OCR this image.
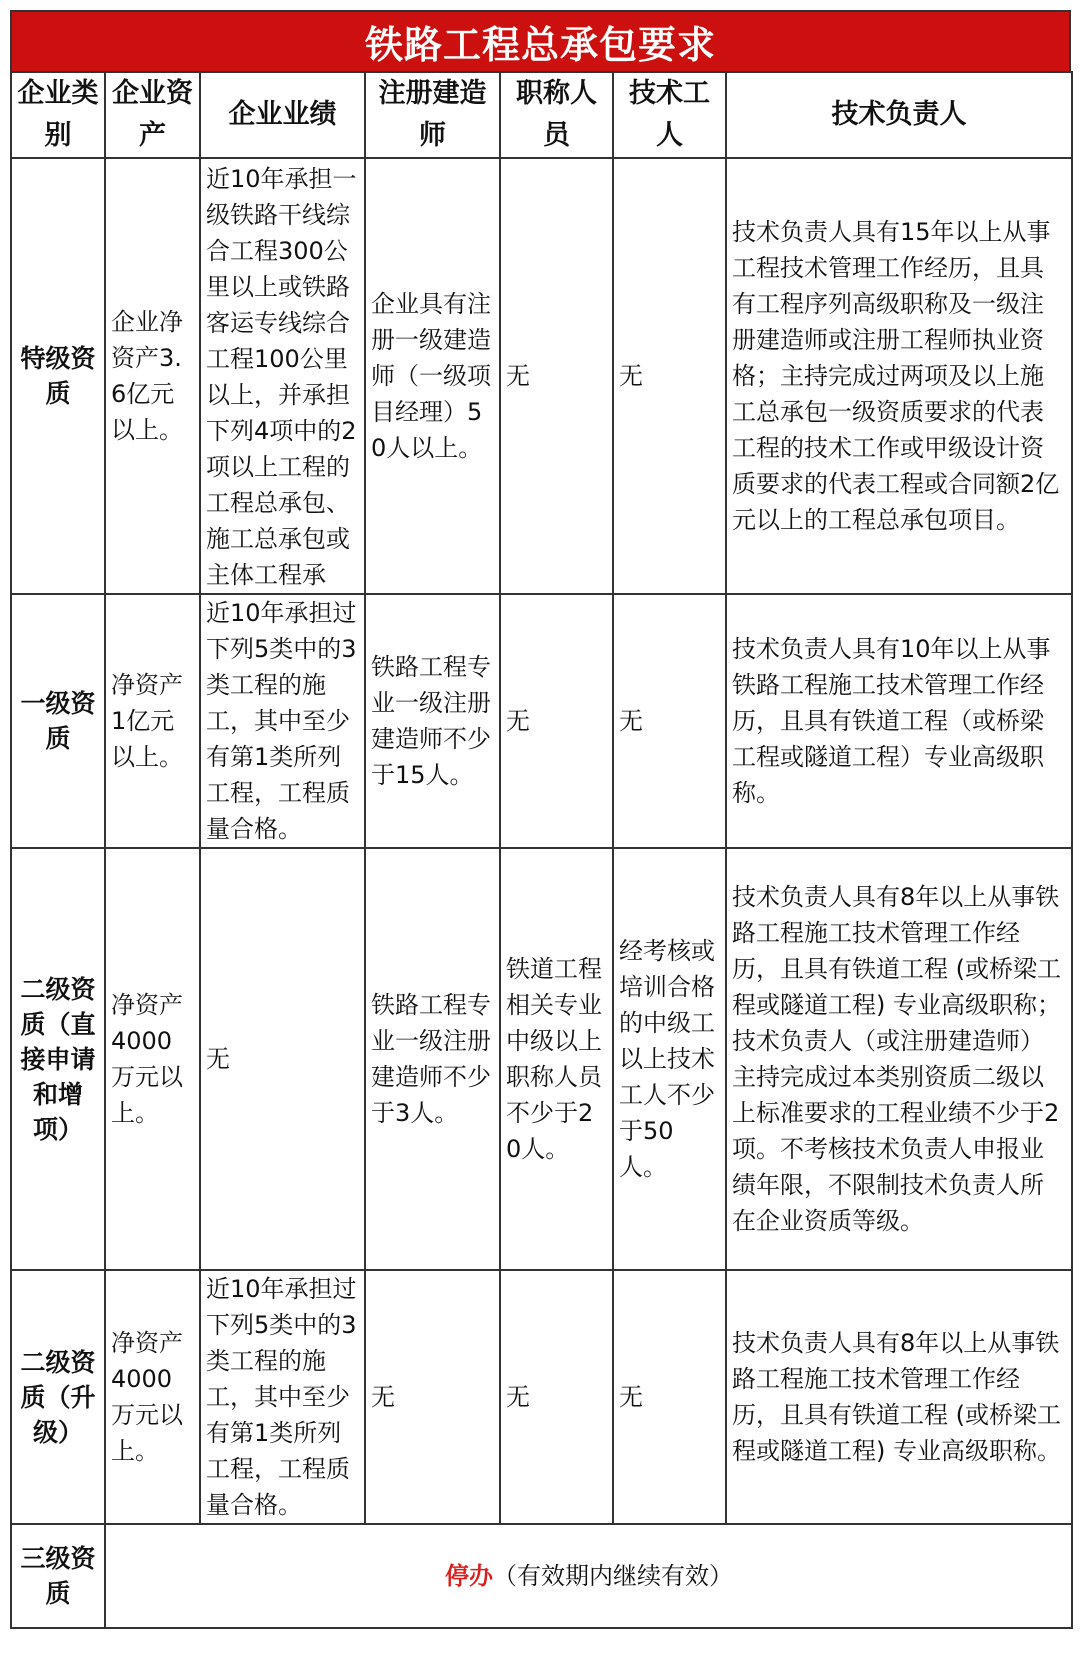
铁路工程总承包要求
企业类别	企业资产	企业业绩	注册建造师	职称人员	技术工人	技术负责人
特级资质	企业净资产3.6亿元以上。	近10年承担一级铁路干线综合工程300公里以上或铁路客运专线综合工程100公里以上，并承担下列4项中的2项以上工程的工程总承包、施工总承包或主体工程承	企业具有注册一级建造师（一级项目经理）50人以上。	无	无	技术负责人具有15年以上从事工程技术管理工作经历，且具有工程序列高级职称及一级注册建造师或注册工程师执业资格；主持完成过两项及以上施工总承包一级资质要求的代表工程的技术工作或甲级设计资质要求的代表工程或合同额2亿元以上的工程总承包项目。
一级资质	净资产1亿元以上。	近10年承担过下列5类中的3类工程的施工，其中至少有第1类所列工程，工程质量合格。	铁路工程专业一级注册建造师不少于15人。	无	无	技术负责人具有10年以上从事铁路工程施工技术管理工作经历，且具有铁道工程（或桥梁工程或隧道工程）专业高级职称。
二级资质（直接申请和增项）	净资产4000万元以上。	无	铁路工程专业一级注册建造师不少于3人。	铁道工程相关专业中级以上职称人员不少于20人。	经考核或培训合格的中级工以上技术工人不少于50人。	技术负责人具有8年以上从事铁路工程施工技术管理工作经历，且具有铁道工程 (或桥梁工程或隧道工程) 专业高级职称；技术负责人（或注册建造师）主持完成过本类别资质二级以上标准要求的工程业绩不少于2项。不考核技术负责人申报业绩年限，不限制技术负责人所在企业资质等级。
二级资质（升级）	净资产4000万元以上。	近10年承担过下列5类中的3类工程的施工，其中至少有第1类所列工程，工程质量合格。	无	无	无	技术负责人具有8年以上从事铁路工程施工技术管理工作经历，且具有铁道工程 (或桥梁工程或隧道工程) 专业高级职称。
三级资质	停办（有效期内继续有效）					
